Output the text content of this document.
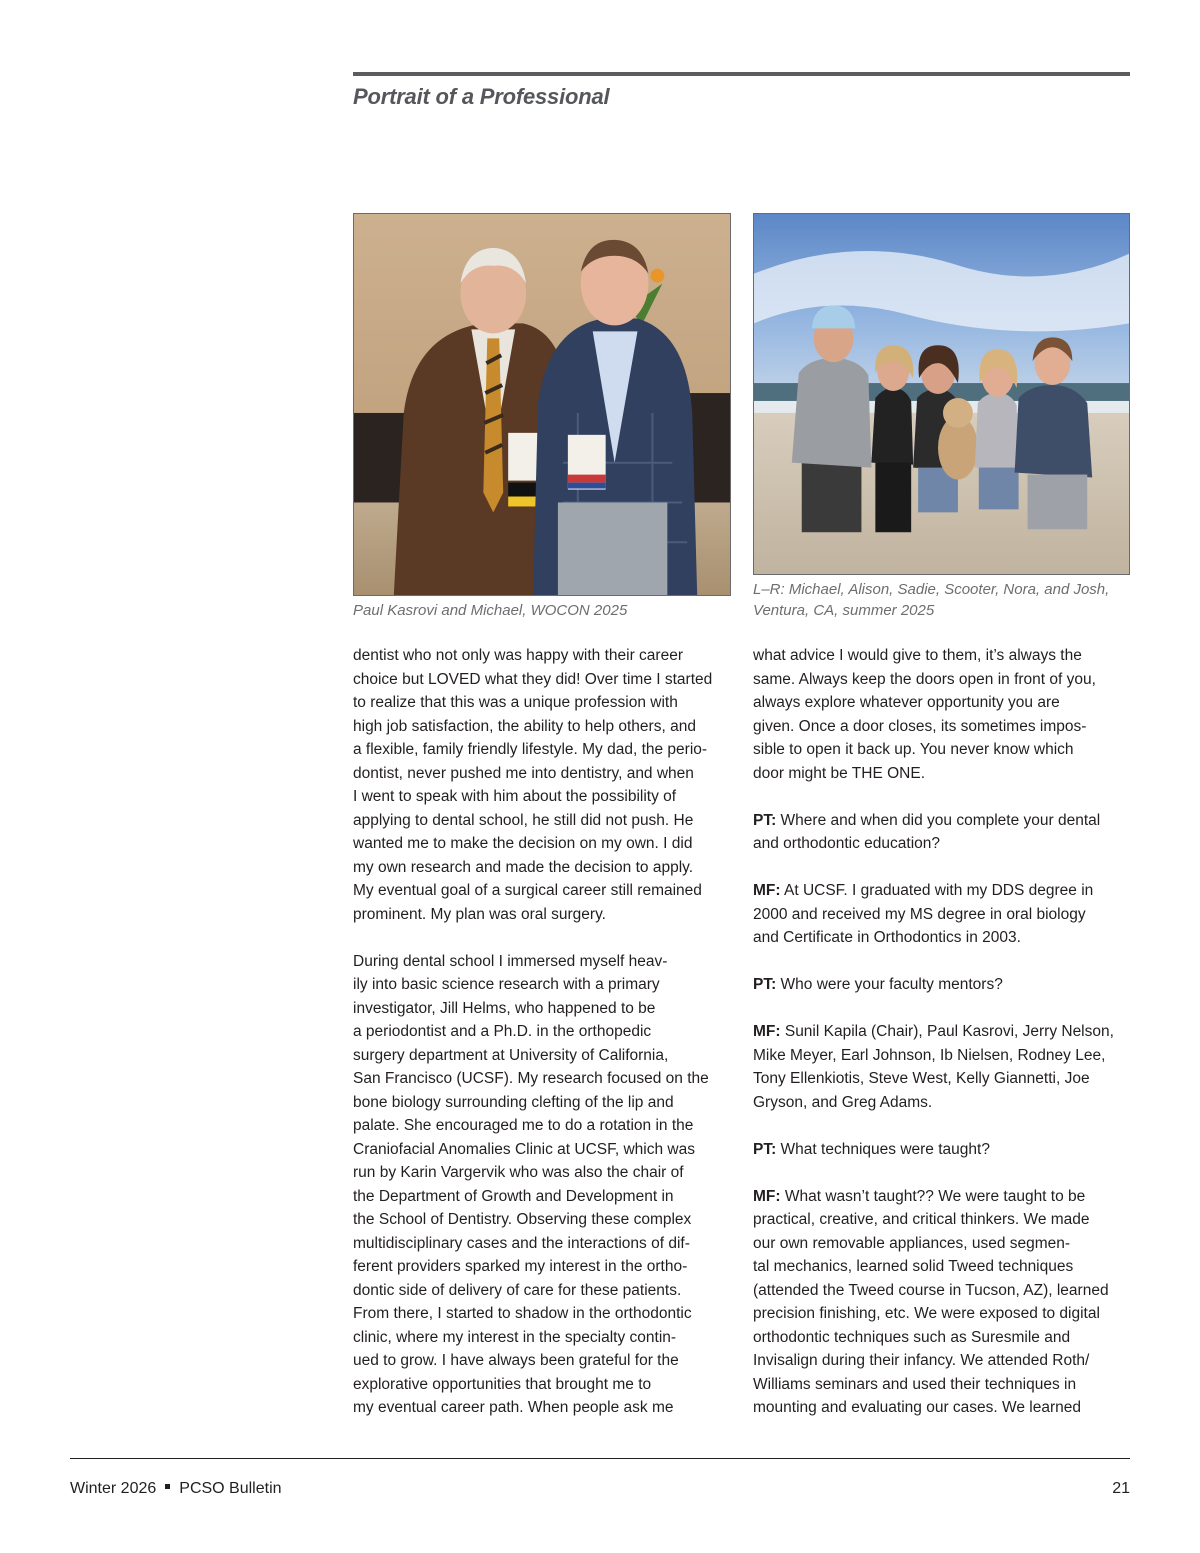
Portrait of a Professional
Paul Kasrovi and Michael, WOCON 2025
L–R: Michael, Alison, Sadie, Scooter, Nora, and Josh,
Ventura, CA, summer 2025

dentist who not only was happy with their career
choice but LOVED what they did! Over time I started
to realize that this was a unique profession with
high job satisfaction, the ability to help others, and
a flexible, family friendly lifestyle. My dad, the perio-
dontist, never pushed me into dentistry, and when
I went to speak with him about the possibility of
applying to dental school, he still did not push. He
wanted me to make the decision on my own. I did
my own research and made the decision to apply.
My eventual goal of a surgical career still remained
prominent. My plan was oral surgery.

During dental school I immersed myself heav-
ily into basic science research with a primary
investigator, Jill Helms, who happened to be
a periodontist and a Ph.D. in the orthopedic
surgery department at University of California,
San Francisco (UCSF). My research focused on the
bone biology surrounding clefting of the lip and
palate. She encouraged me to do a rotation in the
Craniofacial Anomalies Clinic at UCSF, which was
run by Karin Vargervik who was also the chair of
the Department of Growth and Development in
the School of Dentistry. Observing these complex
multidisciplinary cases and the interactions of dif-
ferent providers sparked my interest in the ortho-
dontic side of delivery of care for these patients.
From there, I started to shadow in the orthodontic
clinic, where my interest in the specialty contin-
ued to grow. I have always been grateful for the
explorative opportunities that brought me to
my eventual career path. When people ask me

what advice I would give to them, it’s always the
same. Always keep the doors open in front of you,
always explore whatever opportunity you are
given. Once a door closes, its sometimes impos-
sible to open it back up. You never know which
door might be THE ONE.

PT: Where and when did you complete your dental
and orthodontic education?

MF: At UCSF. I graduated with my DDS degree in
2000 and received my MS degree in oral biology
and Certificate in Orthodontics in 2003.

PT: Who were your faculty mentors?

MF: Sunil Kapila (Chair), Paul Kasrovi, Jerry Nelson,
Mike Meyer, Earl Johnson, Ib Nielsen, Rodney Lee,
Tony Ellenkiotis, Steve West, Kelly Giannetti, Joe
Gryson, and Greg Adams.

PT: What techniques were taught?

MF: What wasn’t taught?? We were taught to be
practical, creative, and critical thinkers. We made
our own removable appliances, used segmen-
tal mechanics, learned solid Tweed techniques
(attended the Tweed course in Tucson, AZ), learned
precision finishing, etc. We were exposed to digital
orthodontic techniques such as Suresmile and
Invisalign during their infancy. We attended Roth/
Williams seminars and used their techniques in
mounting and evaluating our cases. We learned

Winter 2026 PCSO Bulletin	21
